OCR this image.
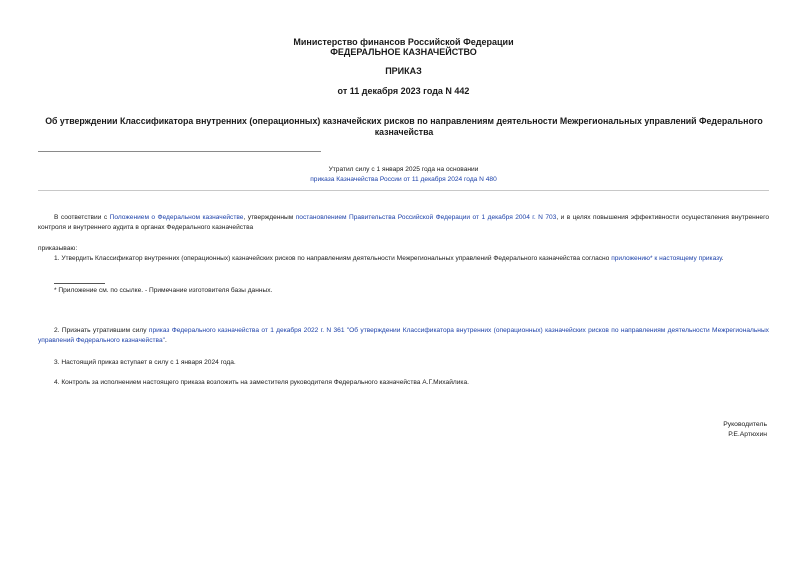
Министерство финансов Российской Федерации
ФЕДЕРАЛЬНОЕ КАЗНАЧЕЙСТВО
ПРИКАЗ
от 11 декабря 2023 года N 442
Об утверждении Классификатора внутренних (операционных) казначейских рисков по направлениям деятельности Межрегиональных управлений Федерального казначейства
Утратил силу с 1 января 2025 года на основании
приказа Казначейства России от 11 декабря 2024 года N 480
В соответствии с Положением о Федеральном казначействе, утвержденным постановлением Правительства Российской Федерации от 1 декабря 2004 г. N 703, и в целях повышения эффективности осуществления внутреннего контроля и внутреннего аудита в органах Федерального казначейства
приказываю:
1. Утвердить Классификатор внутренних (операционных) казначейских рисков по направлениям деятельности Межрегиональных управлений Федерального казначейства согласно приложению* к настоящему приказу.
* Приложение см. по ссылке. - Примечание изготовителя базы данных.
2. Признать утратившим силу приказ Федерального казначейства от 1 декабря 2022 г. N 361 "Об утверждении Классификатора внутренних (операционных) казначейских рисков по направлениям деятельности Межрегиональных управлений Федерального казначейства".
3. Настоящий приказ вступает в силу с 1 января 2024 года.
4. Контроль за исполнением настоящего приказа возложить на заместителя руководителя Федерального казначейства А.Г.Михайлика.
Руководитель
Р.Е.Артюхин
